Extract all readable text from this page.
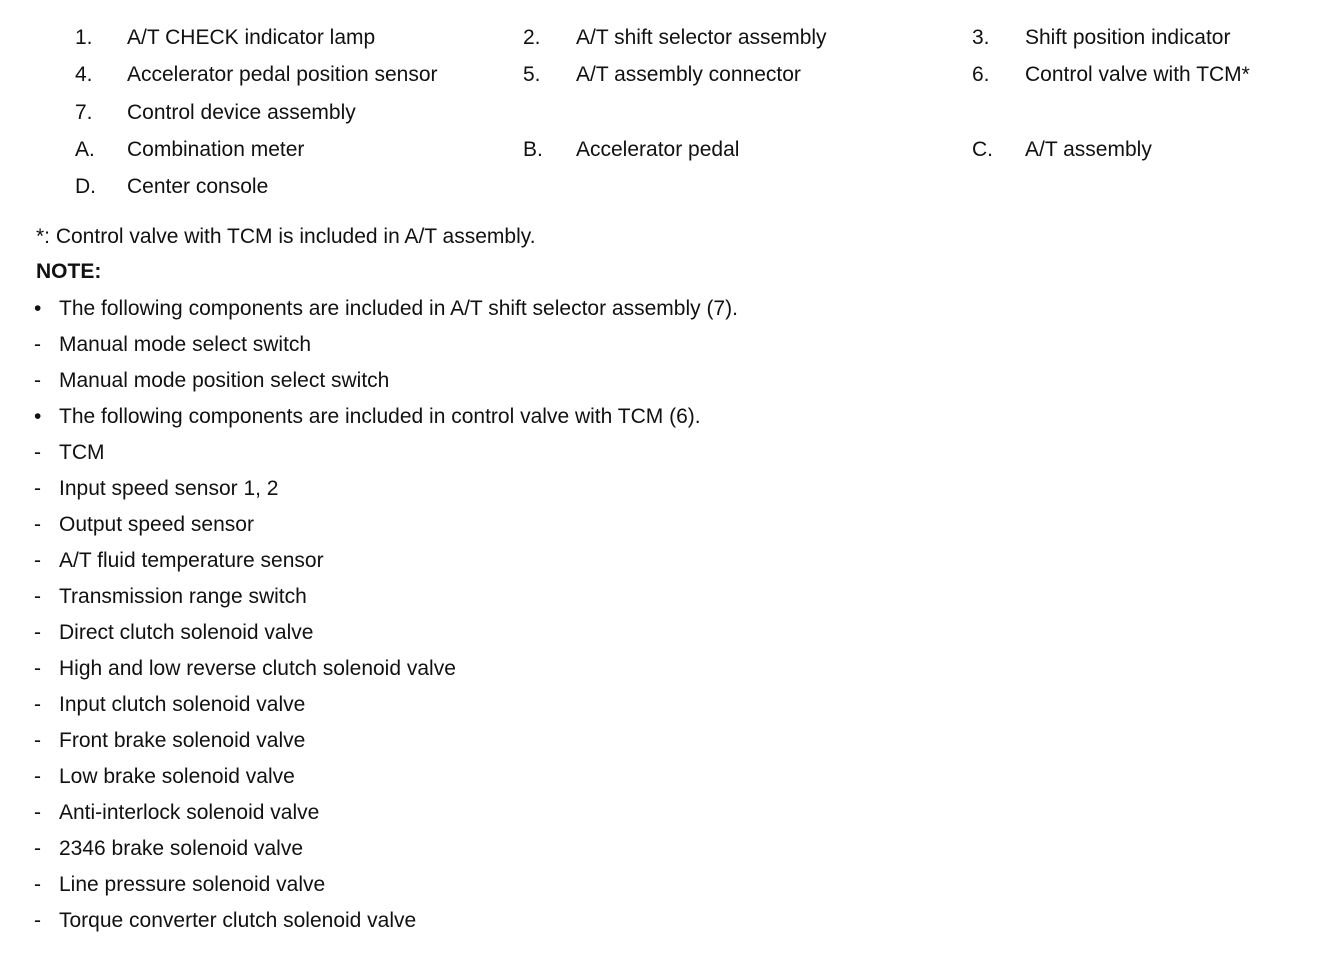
1. A/T CHECK indicator lamp	2. A/T shift selector assembly	3. Shift position indicator
4. Accelerator pedal position sensor	5. A/T assembly connector	6. Control valve with TCM*
7. Control device assembly
A. Combination meter	B. Accelerator pedal	C. A/T assembly
D. Center console
*: Control valve with TCM is included in A/T assembly.
NOTE:
• The following components are included in A/T shift selector assembly (7).
- Manual mode select switch
- Manual mode position select switch
• The following components are included in control valve with TCM (6).
- TCM
- Input speed sensor 1, 2
- Output speed sensor
- A/T fluid temperature sensor
- Transmission range switch
- Direct clutch solenoid valve
- High and low reverse clutch solenoid valve
- Input clutch solenoid valve
- Front brake solenoid valve
- Low brake solenoid valve
- Anti-interlock solenoid valve
- 2346 brake solenoid valve
- Line pressure solenoid valve
- Torque converter clutch solenoid valve
